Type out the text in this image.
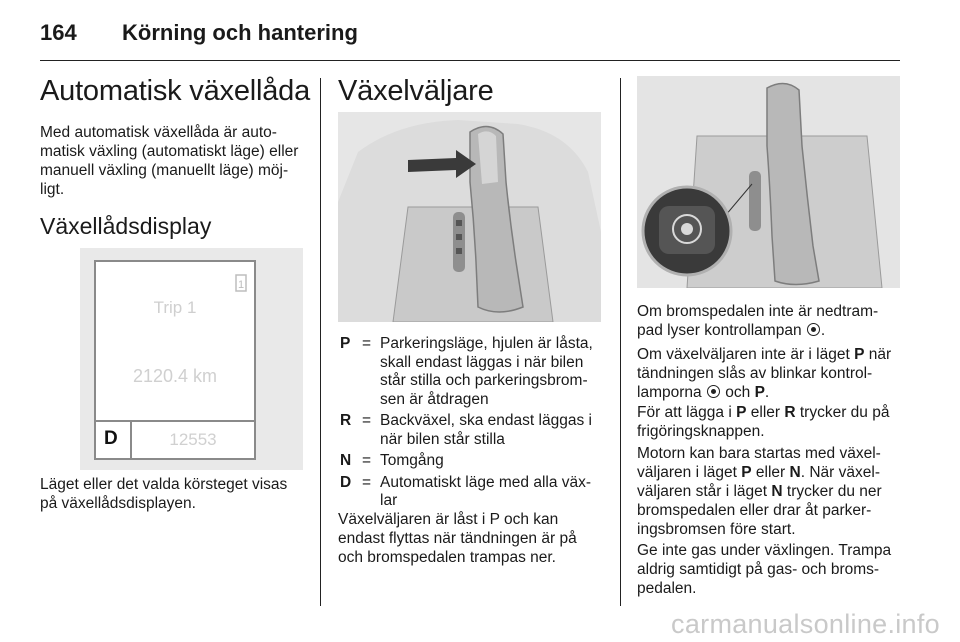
164 Körning och hantering
Automatisk växellåda

Med automatisk växellåda är auto-matisk växling (automatiskt läge) eller manuell växling (manuellt läge) möj-ligt.

Växellådsdisplay
1
Trip 1
2120.4 km
D	12553

Läget eller det valda körsteget visas på växellådsdisplayen.

Växelväljare
P = Parkeringsläge, hjulen är låsta, skall endast läggas i när bilen står stilla och parkeringsbrom-sen är åtdragen
R = Backväxel, ska endast läggas i när bilen står stilla
N = Tomgång
D = Automatiskt läge med alla väx-lar

Växelväljaren är låst i P och kan endast flyttas när tändningen är på och bromspedalen trampas ner.

Om bromspedalen inte är nedtram-pad lyser kontrollampan .

Om växelväljaren inte är i läget P när tändningen slås av blinkar kontrol-lamporna och P.

För att lägga i P eller R trycker du på frigöringsknappen.

Motorn kan bara startas med växel-väljaren i läget P eller N. När växel-väljaren står i läget N trycker du ner bromspedalen eller drar åt parker-ingsbromsen före start.

Ge inte gas under växlingen. Trampa aldrig samtidigt på gas- och broms-pedalen.

carmanualsonline.info
